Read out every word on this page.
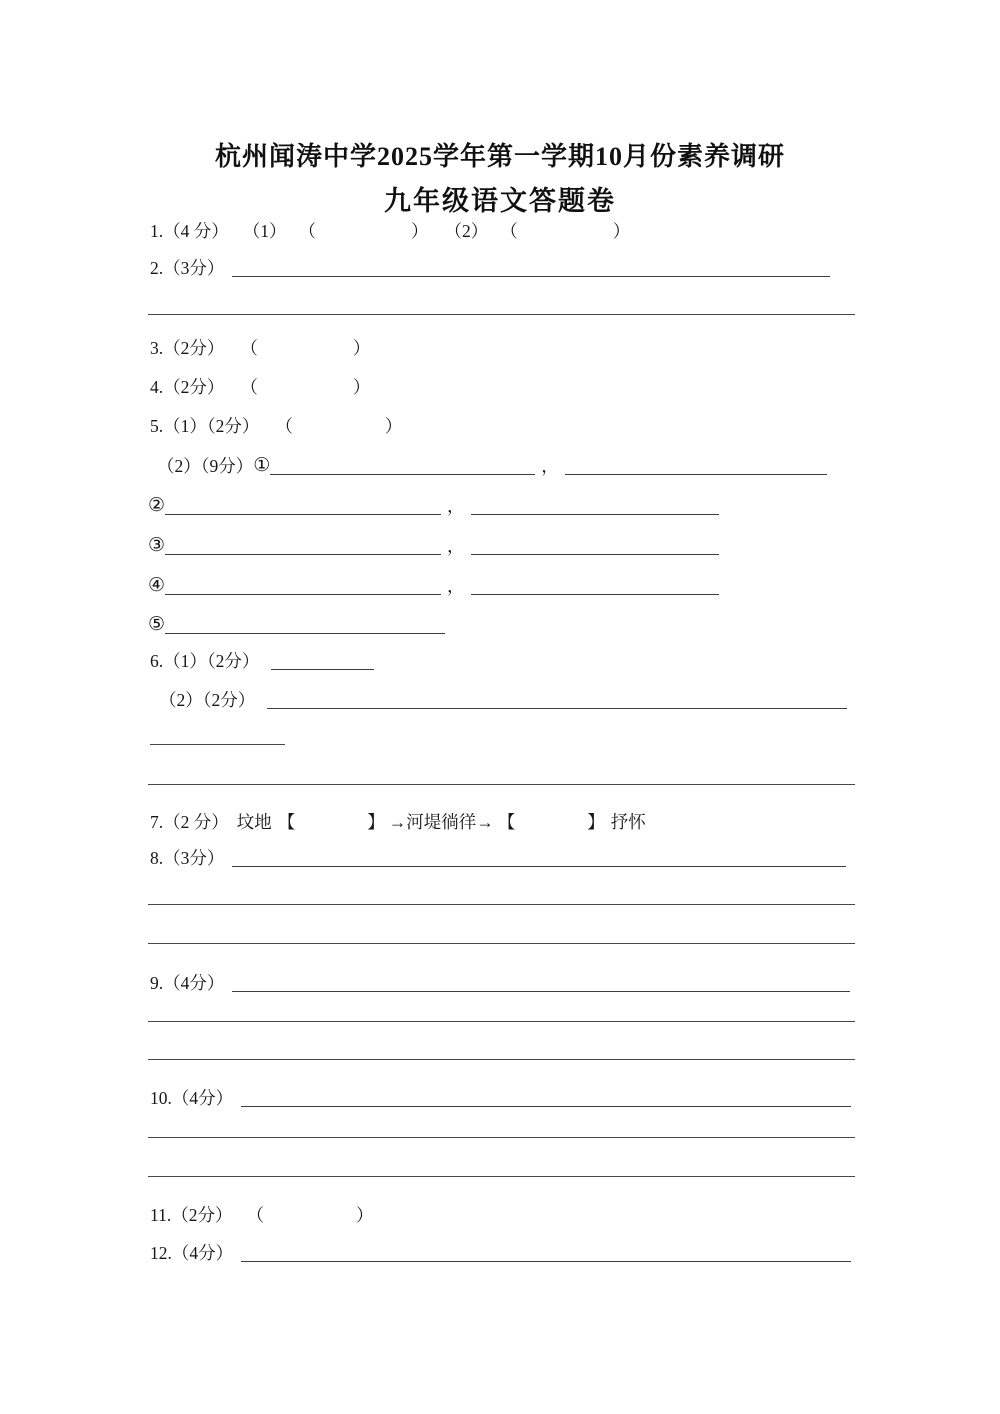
杭州闻涛中学2025学年第一学期10月份素养调研
九年级语文答题卷
1.（4 分） （1） （	） （2） （	）
2.（3分）
3.（2分） （	）
4.（2分） （	）
5.（1）（2分） （	）
（2）（9分） ①	，
②	，
③	，
④	，
⑤
6.（1）（2分）
（2）（2分）
7.（2 分） 坟地 【	】 →河堤徜徉→ 【	】 抒怀
8.（3分）
9.（4分）
10.（4分）
11.（2分） （	）
12.（4分）
